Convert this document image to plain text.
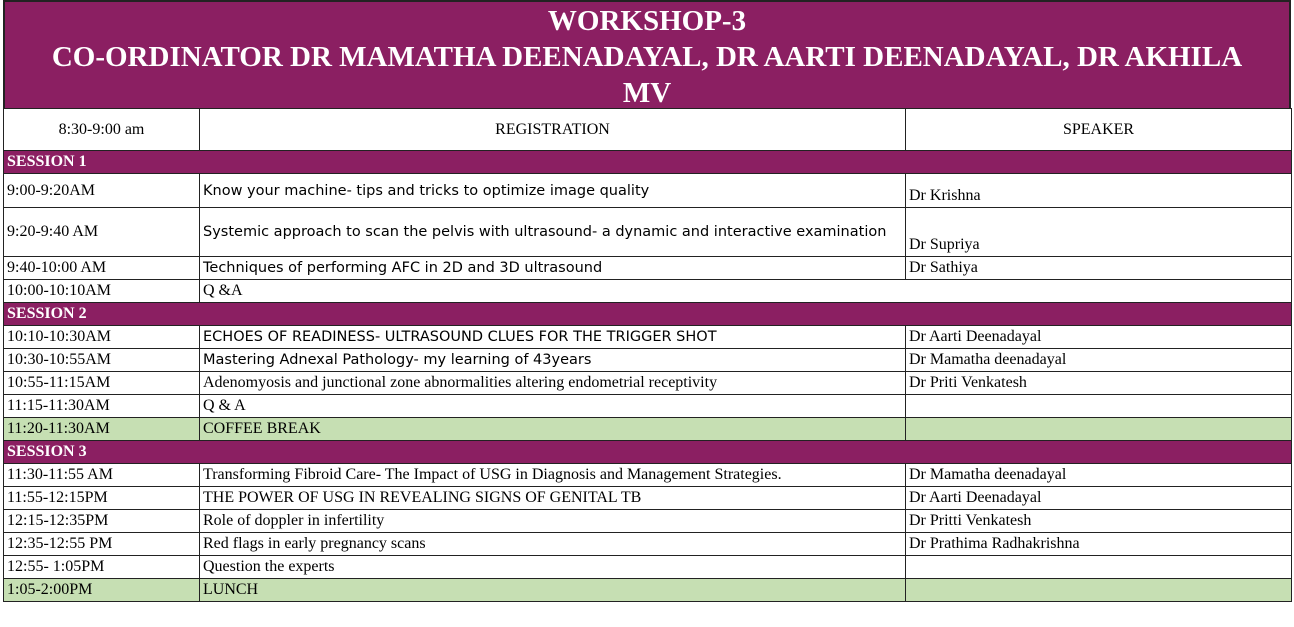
WORKSHOP-3
CO-ORDINATOR DR MAMATHA DEENADAYAL, DR AARTI DEENADAYAL, DR AKHILA
MV
8:30-9:00 am	REGISTRATION	SPEAKER
SESSION 1		
9:00-9:20AM	Know your machine- tips and tricks to optimize image quality	Dr Krishna
9:20-9:40 AM	Systemic approach to scan the pelvis with ultrasound- a dynamic and interactive examination	Dr Supriya
9:40-10:00 AM	Techniques of performing AFC in 2D and 3D ultrasound	Dr Sathiya
10:00-10:10AM	Q &A	
SESSION 2		
10:10-10:30AM	ECHOES OF READINESS- ULTRASOUND CLUES FOR THE TRIGGER SHOT	Dr Aarti Deenadayal
10:30-10:55AM	Mastering Adnexal Pathology- my learning of 43years	Dr Mamatha deenadayal
10:55-11:15AM	Adenomyosis and junctional zone abnormalities altering endometrial receptivity	Dr Priti Venkatesh
11:15-11:30AM	Q & A	
11:20-11:30AM	COFFEE BREAK	
SESSION 3		
11:30-11:55 AM	Transforming Fibroid Care- The Impact of USG in Diagnosis and Management Strategies.	Dr Mamatha deenadayal
11:55-12:15PM	THE POWER OF USG IN REVEALING SIGNS OF GENITAL TB	Dr Aarti Deenadayal
12:15-12:35PM	Role of doppler in infertility	Dr Pritti Venkatesh
12:35-12:55 PM	Red flags in early pregnancy scans	Dr Prathima Radhakrishna
12:55- 1:05PM	Question the experts	
1:05-2:00PM	LUNCH	
